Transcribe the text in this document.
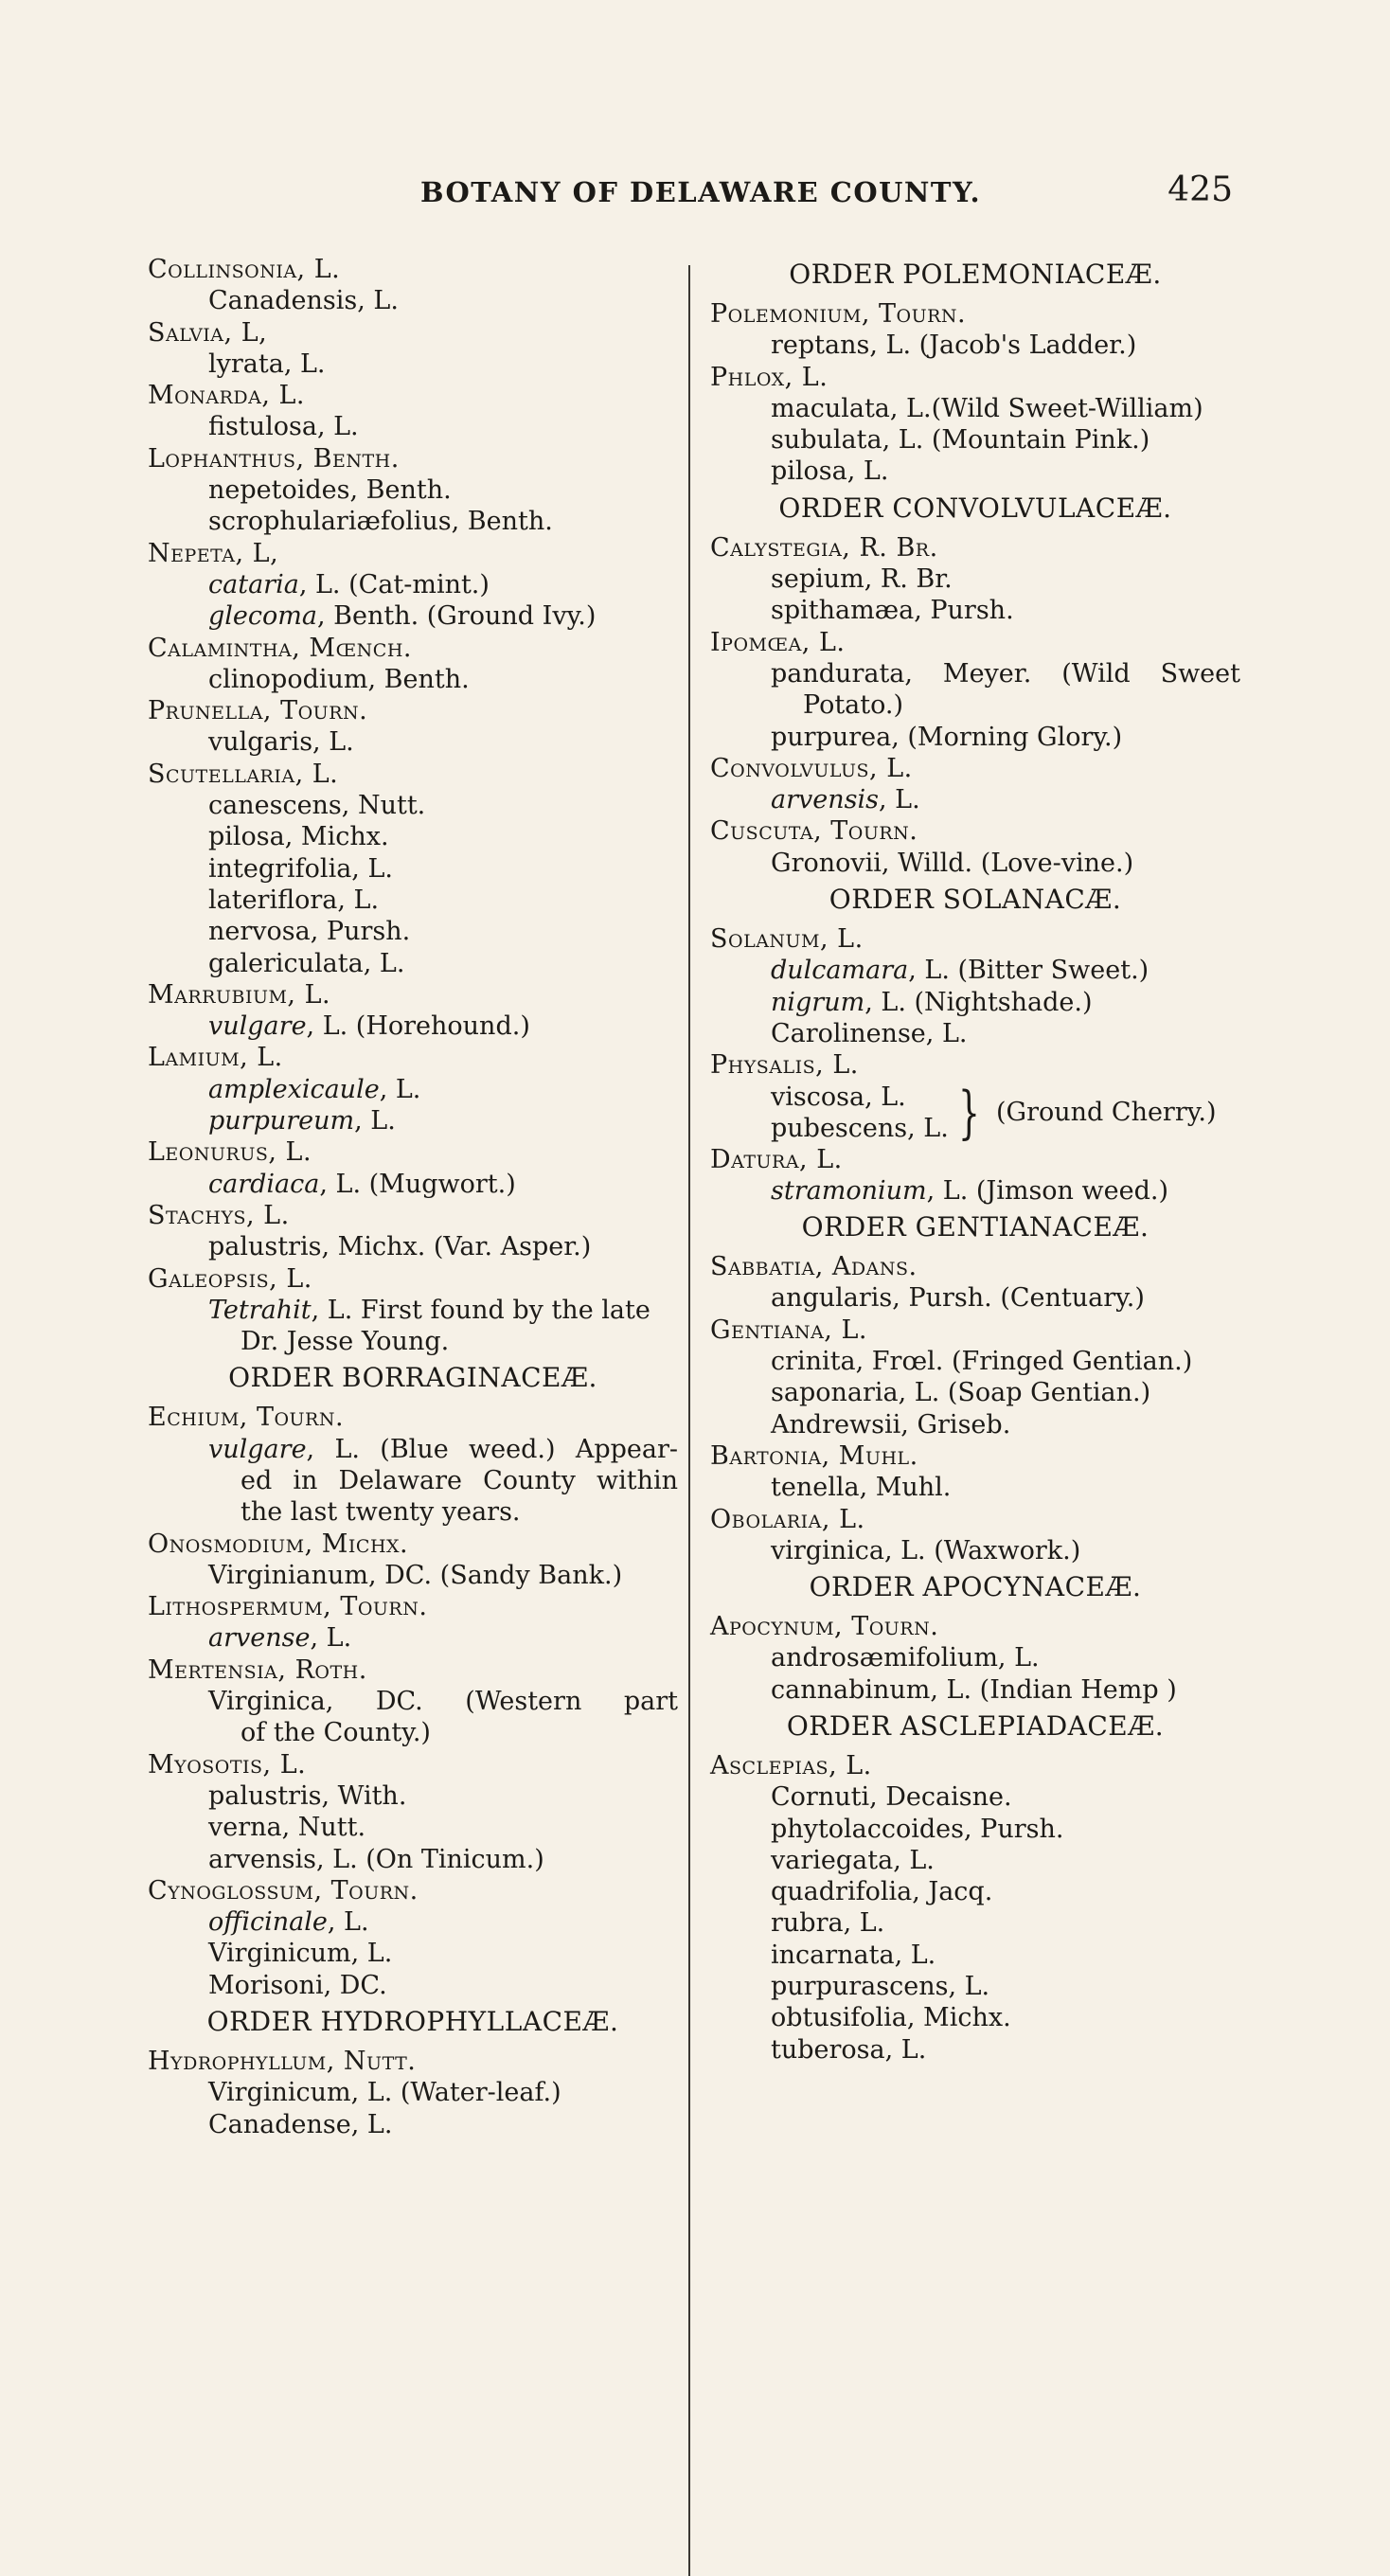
BOTANY OF DELAWARE COUNTY.	425
Collinsonia, L.
Canadensis, L.
Salvia, L,
lyrata, L.
Monarda, L.
fistulosa, L.
Lophanthus, Benth.
nepetoides, Benth.
scrophulariæfolius, Benth.
Nepeta, L,
cataria, L. (Cat-mint.)
glecoma, Benth. (Ground Ivy.)
Calamintha, Mœnch.
clinopodium, Benth.
Prunella, Tourn.
vulgaris, L.
Scutellaria, L.
canescens, Nutt.
pilosa, Michx.
integrifolia, L.
lateriflora, L.
nervosa, Pursh.
galericulata, L.
Marrubium, L.
vulgare, L. (Horehound.)
Lamium, L.
amplexicaule, L.
purpureum, L.
Leonurus, L.
cardiaca, L. (Mugwort.)
Stachys, L.
palustris, Michx. (Var. Asper.)
Galeopsis, L.
Tetrahit, L. First found by the late
Dr. Jesse Young.
ORDER BORRAGINACEÆ.
Echium, Tourn.
vulgare, L. (Blue weed.) Appear-
ed in Delaware County within
the last twenty years.
Onosmodium, Michx.
Virginianum, DC. (Sandy Bank.)
Lithospermum, Tourn.
arvense, L.
Mertensia, Roth.
Virginica, DC. (Western part
of the County.)
Myosotis, L.
palustris, With.
verna, Nutt.
arvensis, L. (On Tinicum.)
Cynoglossum, Tourn.
officinale, L.
Virginicum, L.
Morisoni, DC.
ORDER HYDROPHYLLACEÆ.
Hydrophyllum, Nutt.
Virginicum, L. (Water-leaf.)
Canadense, L.
ORDER POLEMONIACEÆ.
Polemonium, Tourn.
reptans, L. (Jacob's Ladder.)
Phlox, L.
maculata, L.(Wild Sweet-William)
subulata, L. (Mountain Pink.)
pilosa, L.
ORDER CONVOLVULACEÆ.
Calystegia, R. Br.
sepium, R. Br.
spithamæa, Pursh.
Ipomœa, L.
pandurata, Meyer. (Wild Sweet
Potato.)
purpurea, (Morning Glory.)
Convolvulus, L.
arvensis, L.
Cuscuta, Tourn.
Gronovii, Willd. (Love-vine.)
ORDER SOLANACÆ.
Solanum, L.
dulcamara, L. (Bitter Sweet.)
nigrum, L. (Nightshade.)
Carolinense, L.
Physalis, L.
viscosa, L.
pubescens, L. } (Ground Cherry.)
Datura, L.
stramonium, L. (Jimson weed.)
ORDER GENTIANACEÆ.
Sabbatia, Adans.
angularis, Pursh. (Centuary.)
Gentiana, L.
crinita, Frœl. (Fringed Gentian.)
saponaria, L. (Soap Gentian.)
Andrewsii, Griseb.
Bartonia, Muhl.
tenella, Muhl.
Obolaria, L.
virginica, L. (Waxwork.)
ORDER APOCYNACEÆ.
Apocynum, Tourn.
androsæmifolium, L.
cannabinum, L. (Indian Hemp )
ORDER ASCLEPIADACEÆ.
Asclepias, L.
Cornuti, Decaisne.
phytolaccoides, Pursh.
variegata, L.
quadrifolia, Jacq.
rubra, L.
incarnata, L.
purpurascens, L.
obtusifolia, Michx.
tuberosa, L.
